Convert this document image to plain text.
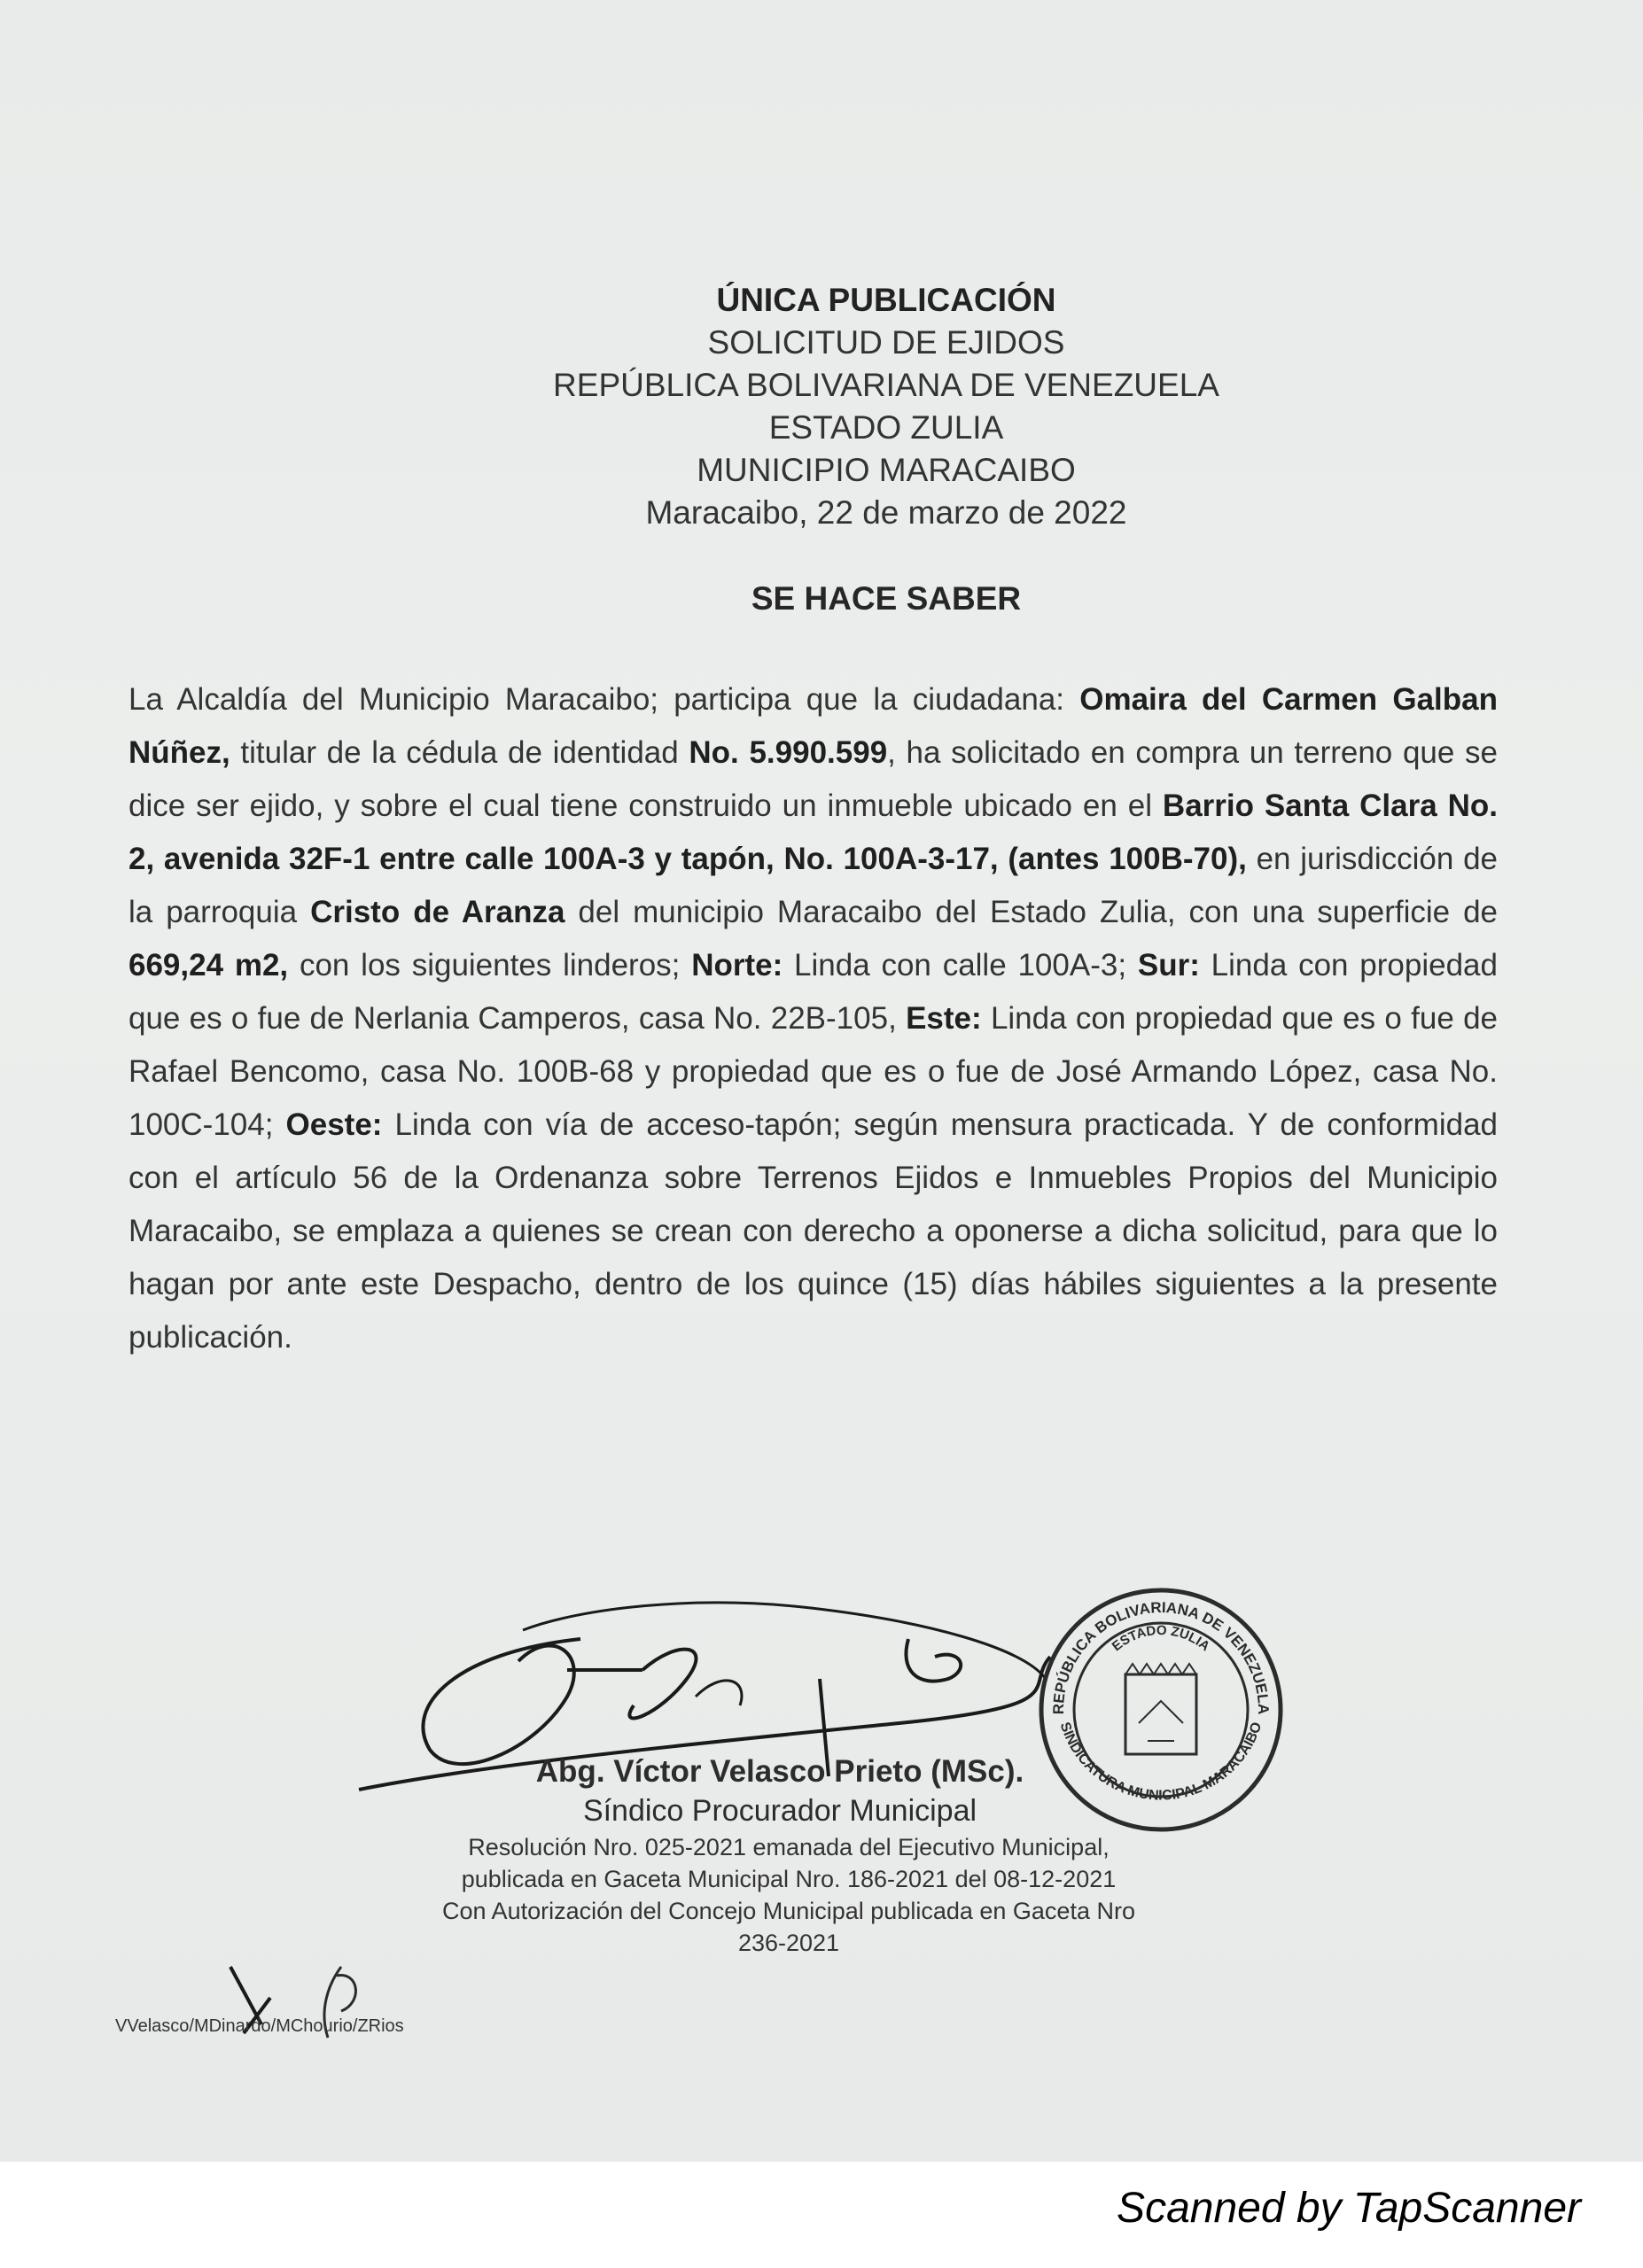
ÚNICA PUBLICACIÓN
SOLICITUD DE EJIDOS
REPÚBLICA BOLIVARIANA DE VENEZUELA
ESTADO ZULIA
MUNICIPIO MARACAIBO
Maracaibo, 22 de marzo de 2022
SE HACE SABER
La Alcaldía del Municipio Maracaibo; participa que la ciudadana: Omaira del Carmen Galban Núñez, titular de la cédula de identidad No. 5.990.599, ha solicitado en compra un terreno que se dice ser ejido, y sobre el cual tiene construido un inmueble ubicado en el Barrio Santa Clara No. 2, avenida 32F-1 entre calle 100A-3 y tapón, No. 100A-3-17, (antes 100B-70), en jurisdicción de la parroquia Cristo de Aranza del municipio Maracaibo del Estado Zulia, con una superficie de 669,24 m2, con los siguientes linderos; Norte: Linda con calle 100A-3; Sur: Linda con propiedad que es o fue de Nerlania Camperos, casa No. 22B-105, Este: Linda con propiedad que es o fue de Rafael Bencomo, casa No. 100B-68 y propiedad que es o fue de José Armando López, casa No. 100C-104; Oeste: Linda con vía de acceso-tapón; según mensura practicada. Y de conformidad con el artículo 56 de la Ordenanza sobre Terrenos Ejidos e Inmuebles Propios del Municipio Maracaibo, se emplaza a quienes se crean con derecho a oponerse a dicha solicitud, para que lo hagan por ante este Despacho, dentro de los quince (15) días hábiles siguientes a la presente publicación.
REPÚBLICA BOLIVARIANA DE VENEZUELA
ESTADO ZULIA
SINDICATURA MUNICIPAL MARACAIBO
Abg. Víctor Velasco Prieto (MSc).
Síndico Procurador Municipal
Resolución Nro. 025-2021 emanada del Ejecutivo Municipal,
publicada en Gaceta Municipal Nro. 186-2021 del 08-12-2021
Con Autorización del Concejo Municipal publicada en Gaceta Nro
236-2021
VVelasco/MDinardo/MChourio/ZRios
Scanned by TapScanner
